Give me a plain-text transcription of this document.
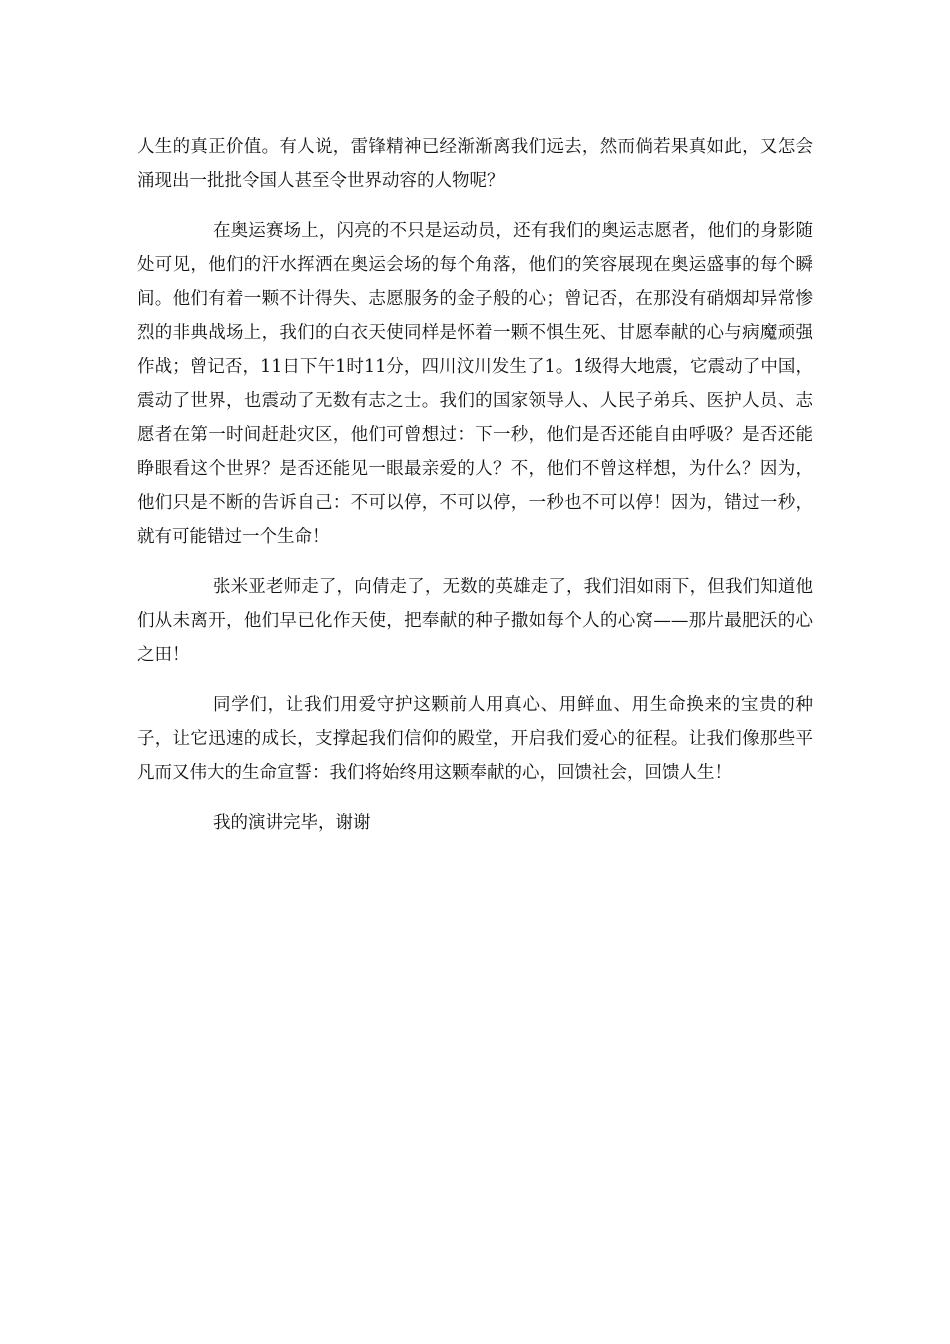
人生的真正价值。有人说，雷锋精神已经渐渐离我们远去，然而倘若果真如此，又怎会涌现出一批批令国人甚至令世界动容的人物呢？

在奥运赛场上，闪亮的不只是运动员，还有我们的奥运志愿者，他们的身影随处可见，他们的汗水挥洒在奥运会场的每个角落，他们的笑容展现在奥运盛事的每个瞬间。他们有着一颗不计得失、志愿服务的金子般的心；曾记否，在那没有硝烟却异常惨烈的非典战场上，我们的白衣天使同样是怀着一颗不惧生死、甘愿奉献的心与病魔顽强作战；曾记否，11日下午1时11分，四川汶川发生了1。1级得大地震，它震动了中国，震动了世界，也震动了无数有志之士。我们的国家领导人、人民子弟兵、医护人员、志愿者在第一时间赶赴灾区，他们可曾想过：下一秒，他们是否还能自由呼吸？是否还能睁眼看这个世界？是否还能见一眼最亲爱的人？不，他们不曾这样想，为什么？因为，他们只是不断的告诉自己：不可以停，不可以停，一秒也不可以停！因为，错过一秒，就有可能错过一个生命！

张米亚老师走了，向倩走了，无数的英雄走了，我们泪如雨下，但我们知道他们从未离开，他们早已化作天使，把奉献的种子撒如每个人的心窝——那片最肥沃的心之田！

同学们，让我们用爱守护这颗前人用真心、用鲜血、用生命换来的宝贵的种子，让它迅速的成长，支撑起我们信仰的殿堂，开启我们爱心的征程。让我们像那些平凡而又伟大的生命宣誓：我们将始终用这颗奉献的心，回馈社会，回馈人生！

我的演讲完毕，谢谢
